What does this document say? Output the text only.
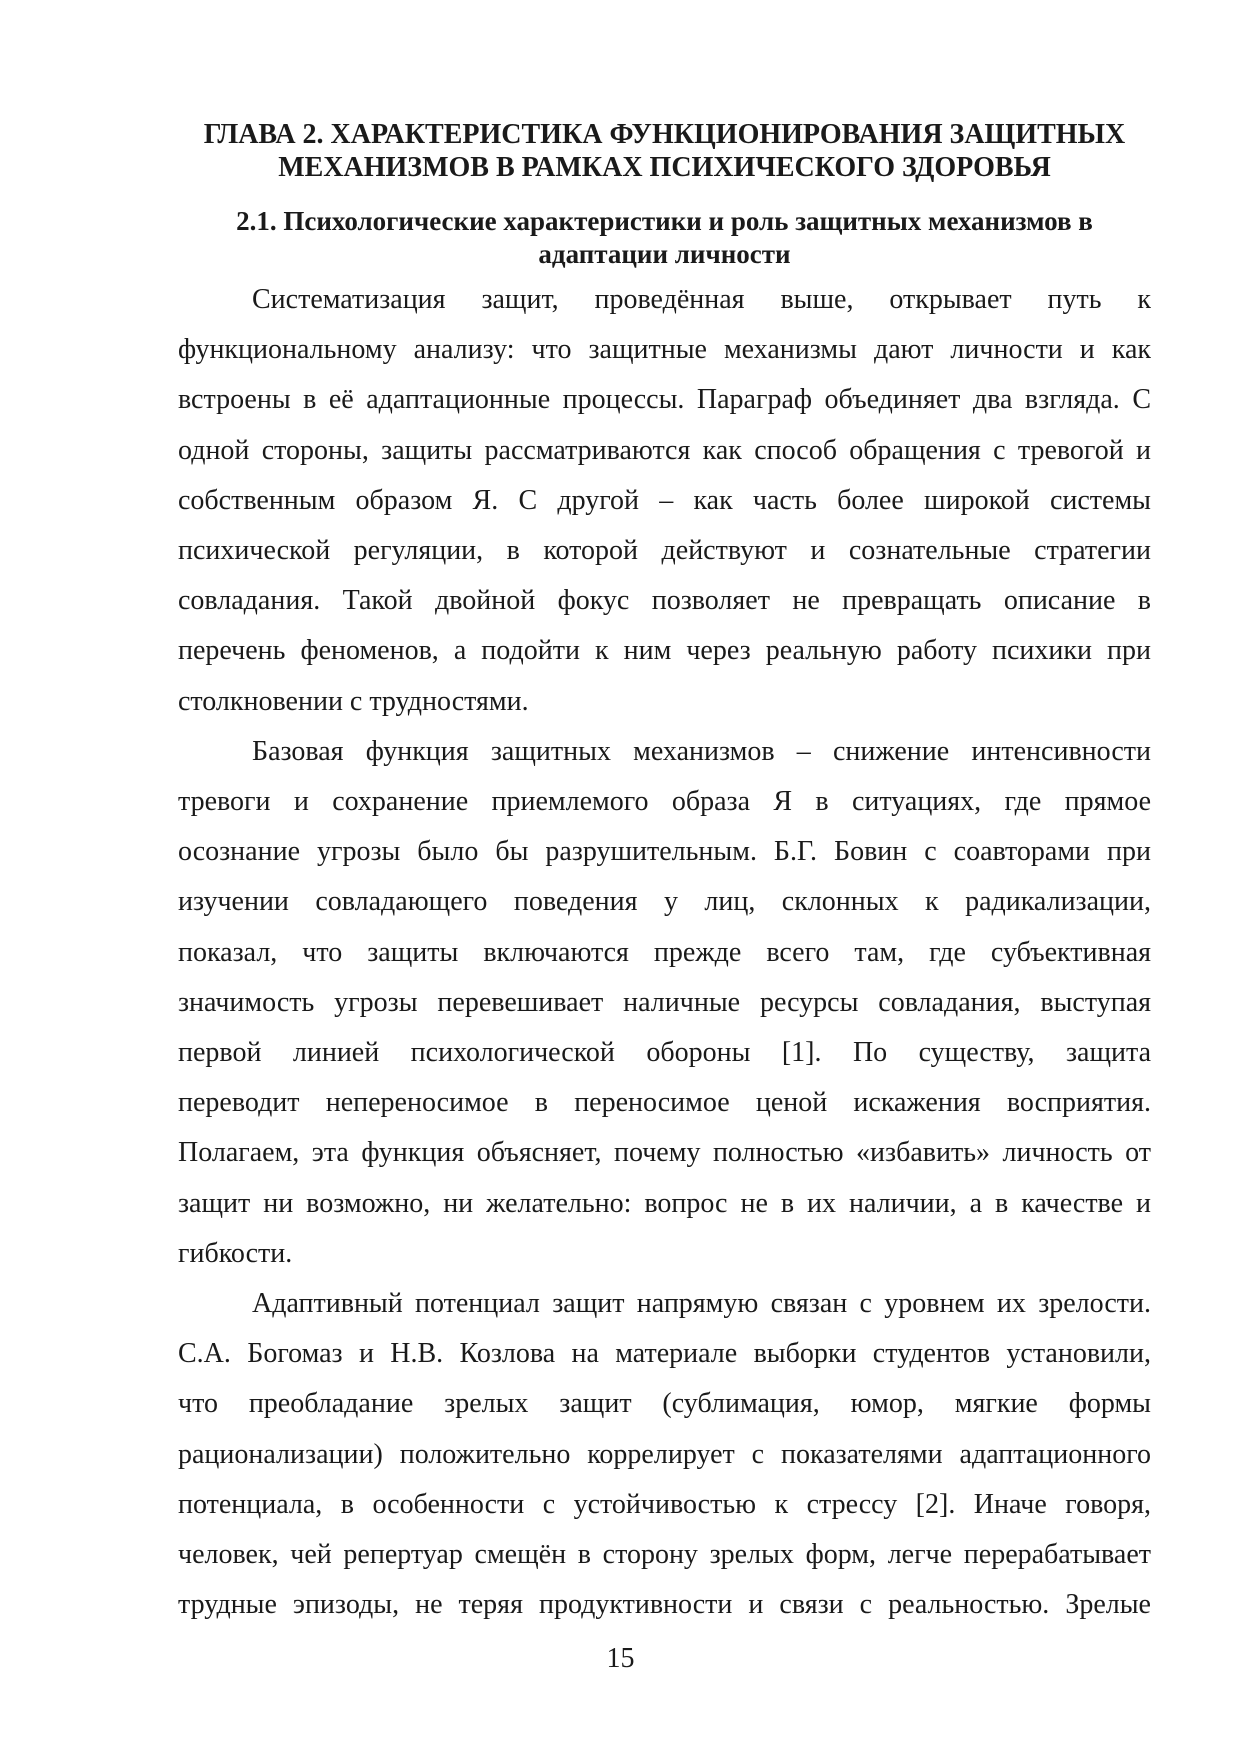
ГЛАВА 2. ХАРАКТЕРИСТИКА ФУНКЦИОНИРОВАНИЯ ЗАЩИТНЫХ
МЕХАНИЗМОВ В РАМКАХ ПСИХИЧЕСКОГО ЗДОРОВЬЯ
2.1. Психологические характеристики и роль защитных механизмов в
адаптации личности

Систематизация защит, проведённая выше, открывает путь к
функциональному анализу: что защитные механизмы дают личности и как
встроены в её адаптационные процессы. Параграф объединяет два взгляда. С
одной стороны, защиты рассматриваются как способ обращения с тревогой и
собственным образом Я. С другой – как часть более широкой системы
психической регуляции, в которой действуют и сознательные стратегии
совладания. Такой двойной фокус позволяет не превращать описание в
перечень феноменов, а подойти к ним через реальную работу психики при
столкновении с трудностями.

Базовая функция защитных механизмов – снижение интенсивности
тревоги и сохранение приемлемого образа Я в ситуациях, где прямое
осознание угрозы было бы разрушительным. Б.Г. Бовин с соавторами при
изучении совладающего поведения у лиц, склонных к радикализации,
показал, что защиты включаются прежде всего там, где субъективная
значимость угрозы перевешивает наличные ресурсы совладания, выступая
первой линией психологической обороны [1]. По существу, защита
переводит непереносимое в переносимое ценой искажения восприятия.
Полагаем, эта функция объясняет, почему полностью «избавить» личность от
защит ни возможно, ни желательно: вопрос не в их наличии, а в качестве и
гибкости.

Адаптивный потенциал защит напрямую связан с уровнем их зрелости.
С.А. Богомаз и Н.В. Козлова на материале выборки студентов установили,
что преобладание зрелых защит (сублимация, юмор, мягкие формы
рационализации) положительно коррелирует с показателями адаптационного
потенциала, в особенности с устойчивостью к стрессу [2]. Иначе говоря,
человек, чей репертуар смещён в сторону зрелых форм, легче перерабатывает
трудные эпизоды, не теряя продуктивности и связи с реальностью. Зрелые

15
